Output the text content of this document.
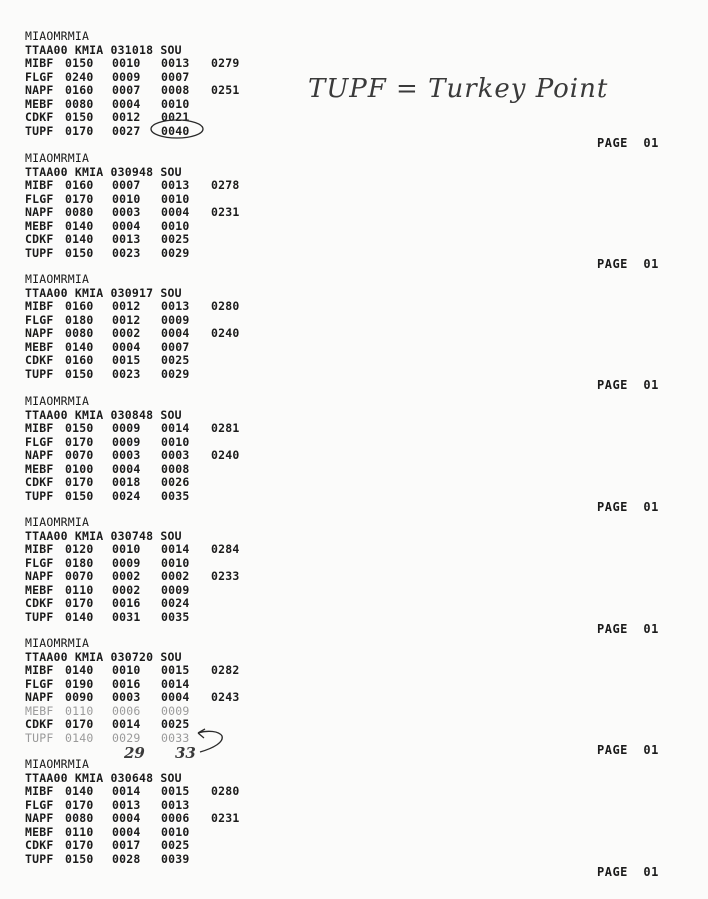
MIAOMRMIA
TTAA00 KMIA 031018 SOU
MIBF 0150 0010 0013 0279
FLGF 0240 0009 0007
NAPF 0160 0007 0008 0251
MEBF 0080 0004 0010
CDKF 0150 0012 0021
TUPF 0170 0027 0040
MIAOMRMIA
TTAA00 KMIA 030948 SOU
MIBF 0160 0007 0013 0278
FLGF 0170 0010 0010
NAPF 0080 0003 0004 0231
MEBF 0140 0004 0010
CDKF 0140 0013 0025
TUPF 0150 0023 0029
MIAOMRMIA
TTAA00 KMIA 030917 SOU
MIBF 0160 0012 0013 0280
FLGF 0180 0012 0009
NAPF 0080 0002 0004 0240
MEBF 0140 0004 0007
CDKF 0160 0015 0025
TUPF 0150 0023 0029
MIAOMRMIA
TTAA00 KMIA 030848 SOU
MIBF 0150 0009 0014 0281
FLGF 0170 0009 0010
NAPF 0070 0003 0003 0240
MEBF 0100 0004 0008
CDKF 0170 0018 0026
TUPF 0150 0024 0035
MIAOMRMIA
TTAA00 KMIA 030748 SOU
MIBF 0120 0010 0014 0284
FLGF 0180 0009 0010
NAPF 0070 0002 0002 0233
MEBF 0110 0002 0009
CDKF 0170 0016 0024
TUPF 0140 0031 0035
MIAOMRMIA
TTAA00 KMIA 030720 SOU
MIBF 0140 0010 0015 0282
FLGF 0190 0016 0014
NAPF 0090 0003 0004 0243
MEBF 0110 0006 0009
CDKF 0170 0014 0025
TUPF 0140 0029 0033
MIAOMRMIA
TTAA00 KMIA 030648 SOU
MIBF 0140 0014 0015 0280
FLGF 0170 0013 0013
NAPF 0080 0004 0006 0231
MEBF 0110 0004 0010
CDKF 0170 0017 0025
TUPF 0150 0028 0039
PAGE  01
PAGE  01
PAGE  01
PAGE  01
PAGE  01
PAGE  01
PAGE  01
TUPF = Turkey Point
29 33
